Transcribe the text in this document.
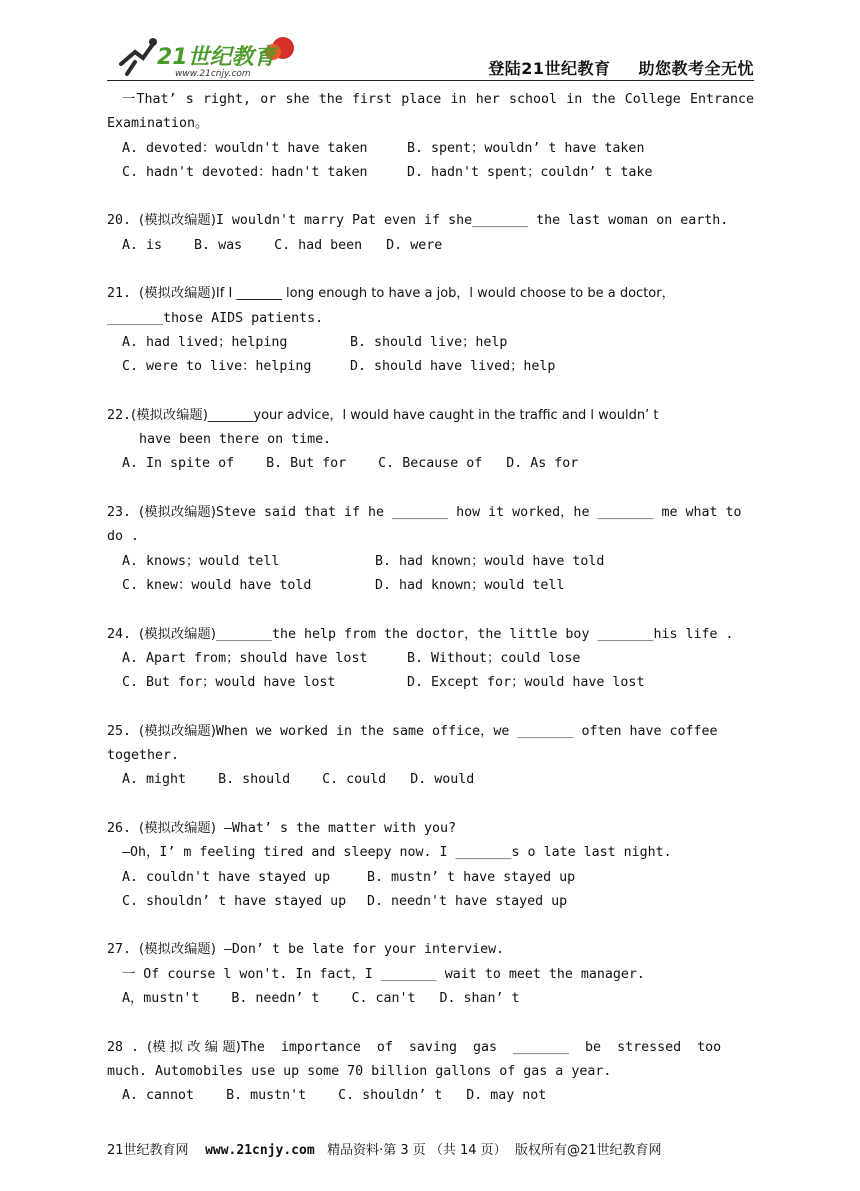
21世纪教育
www.21cnjy.com	登陆21世纪教育 助您教考全无忧
一That’ s right, or she the first place in her school in the College Entrance
Examination。
A. devoted：wouldn't have taken	B. spent；wouldn’ t have taken
C. hadn't devoted：hadn't taken	D. hadn't spent；couldn’ t take
20. (模拟改编题)I wouldn't marry Pat even if she_______ the last woman on earth.
A. is    B. was    C. had been   D. were
21. (模拟改编题)If I _______ long enough to have a job，l would choose to be a doctor，
_______those AIDS patients.
A. had lived；helping	B. should live；help
C. were to live：helping	D. should have lived；help
22.(模拟改编题)_______your advice，l would have caught in the traffic and l wouldn’ t
have been there on time.
A. In spite of    B. But for    C. Because of   D. As for
23. (模拟改编题)Steve said that if he _______ how it worked，he _______ me what to
do .
A. knows；would tell	B. had known；would have told
C. knew：would have told	D. had known；would tell
24. (模拟改编题)_______the help from the doctor，the little boy _______his life .
A. Apart from；should have lost	B. Without；could lose
C. But for；would have lost	D. Except for；would have lost
25. (模拟改编题)When we worked in the same office，we _______ often have coffee
together.
A. might    B. should    C. could   D. would
26. (模拟改编题) —What’ s the matter with you?
—Oh，I’ m feeling tired and sleepy now. I _______s o late last night.
A. couldn't have stayed up	B. mustn’ t have stayed up
C. shouldn’ t have stayed up D. needn't have stayed up
27. (模拟改编题) —Don’ t be late for your interview.
一 Of course l won't. In fact，I _______ wait to meet the manager.
A，mustn't    B. needn’ t    C. can't   D. shan’ t
28 . (模 拟 改 编 题)The  importance  of  saving  gas  _______  be  stressed  too
much. Automobiles use up some 70 billion gallons of gas a year.
A. cannot    B. mustn't    C. shouldn’ t   D. may not
21世纪教育网 www.21cnjy.com 精品资料·第 3 页 （共 14 页） 版权所有@21世纪教育网
